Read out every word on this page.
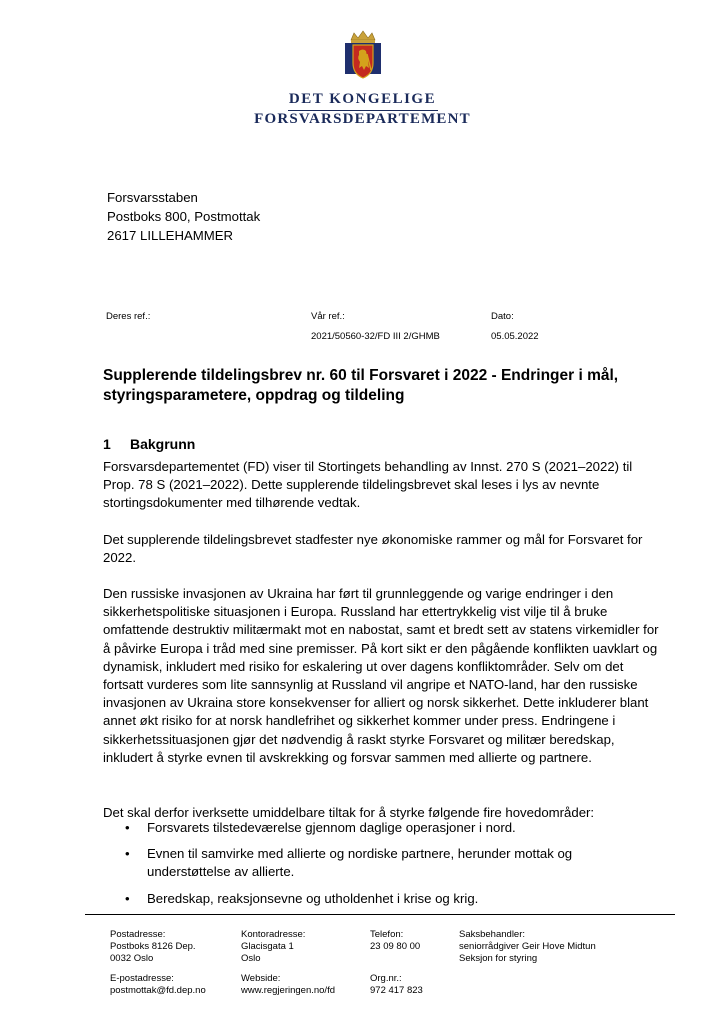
DET KONGELIGE
FORSVARSDEPARTEMENT
Forsvarsstaben
Postboks 800, Postmottak
2617 LILLEHAMMER
Deres ref.:	Vår ref.:
2021/50560-32/FD III 2/GHMB
Dato:
05.05.2022
Supplerende tildelingsbrev nr. 60 til Forsvaret i 2022 - Endringer i mål, styringsparametere, oppdrag og tildeling
1 Bakgrunn

Forsvarsdepartementet (FD) viser til Stortingets behandling av Innst. 270 S (2021–2022) til Prop. 78 S (2021–2022). Dette supplerende tildelingsbrevet skal leses i lys av nevnte stortingsdokumenter med tilhørende vedtak.

Det supplerende tildelingsbrevet stadfester nye økonomiske rammer og mål for Forsvaret for 2022.

Den russiske invasjonen av Ukraina har ført til grunnleggende og varige endringer i den sikkerhetspolitiske situasjonen i Europa. Russland har ettertrykkelig vist vilje til å bruke omfattende destruktiv militærmakt mot en nabostat, samt et bredt sett av statens virkemidler for å påvirke Europa i tråd med sine premisser. På kort sikt er den pågående konflikten uavklart og dynamisk, inkludert med risiko for eskalering ut over dagens konfliktområder. Selv om det fortsatt vurderes som lite sannsynlig at Russland vil angripe et NATO-land, har den russiske invasjonen av Ukraina store konsekvenser for alliert og norsk sikkerhet. Dette inkluderer blant annet økt risiko for at norsk handlefrihet og sikkerhet kommer under press. Endringene i sikkerhetssituasjonen gjør det nødvendig å raskt styrke Forsvaret og militær beredskap, inkludert å styrke evnen til avskrekking og forsvar sammen med allierte og partnere.

Det skal derfor iverksette umiddelbare tiltak for å styrke følgende fire hovedområder:

• Forsvarets tilstedeværelse gjennom daglige operasjoner i nord.
• Evnen til samvirke med allierte og nordiske partnere, herunder mottak og understøttelse av allierte.
• Beredskap, reaksjonsevne og utholdenhet i krise og krig.
Postadresse:
Postboks 8126 Dep.
0032 Oslo
E-postadresse:
postmottak@fd.dep.no
Kontoradresse:
Glacisgata 1
Oslo
Webside:
www.regjeringen.no/fd
Telefon:
23 09 80 00
Org.nr.:
972 417 823
Saksbehandler:
seniorrådgiver Geir Hove Midtun
Seksjon for styring
